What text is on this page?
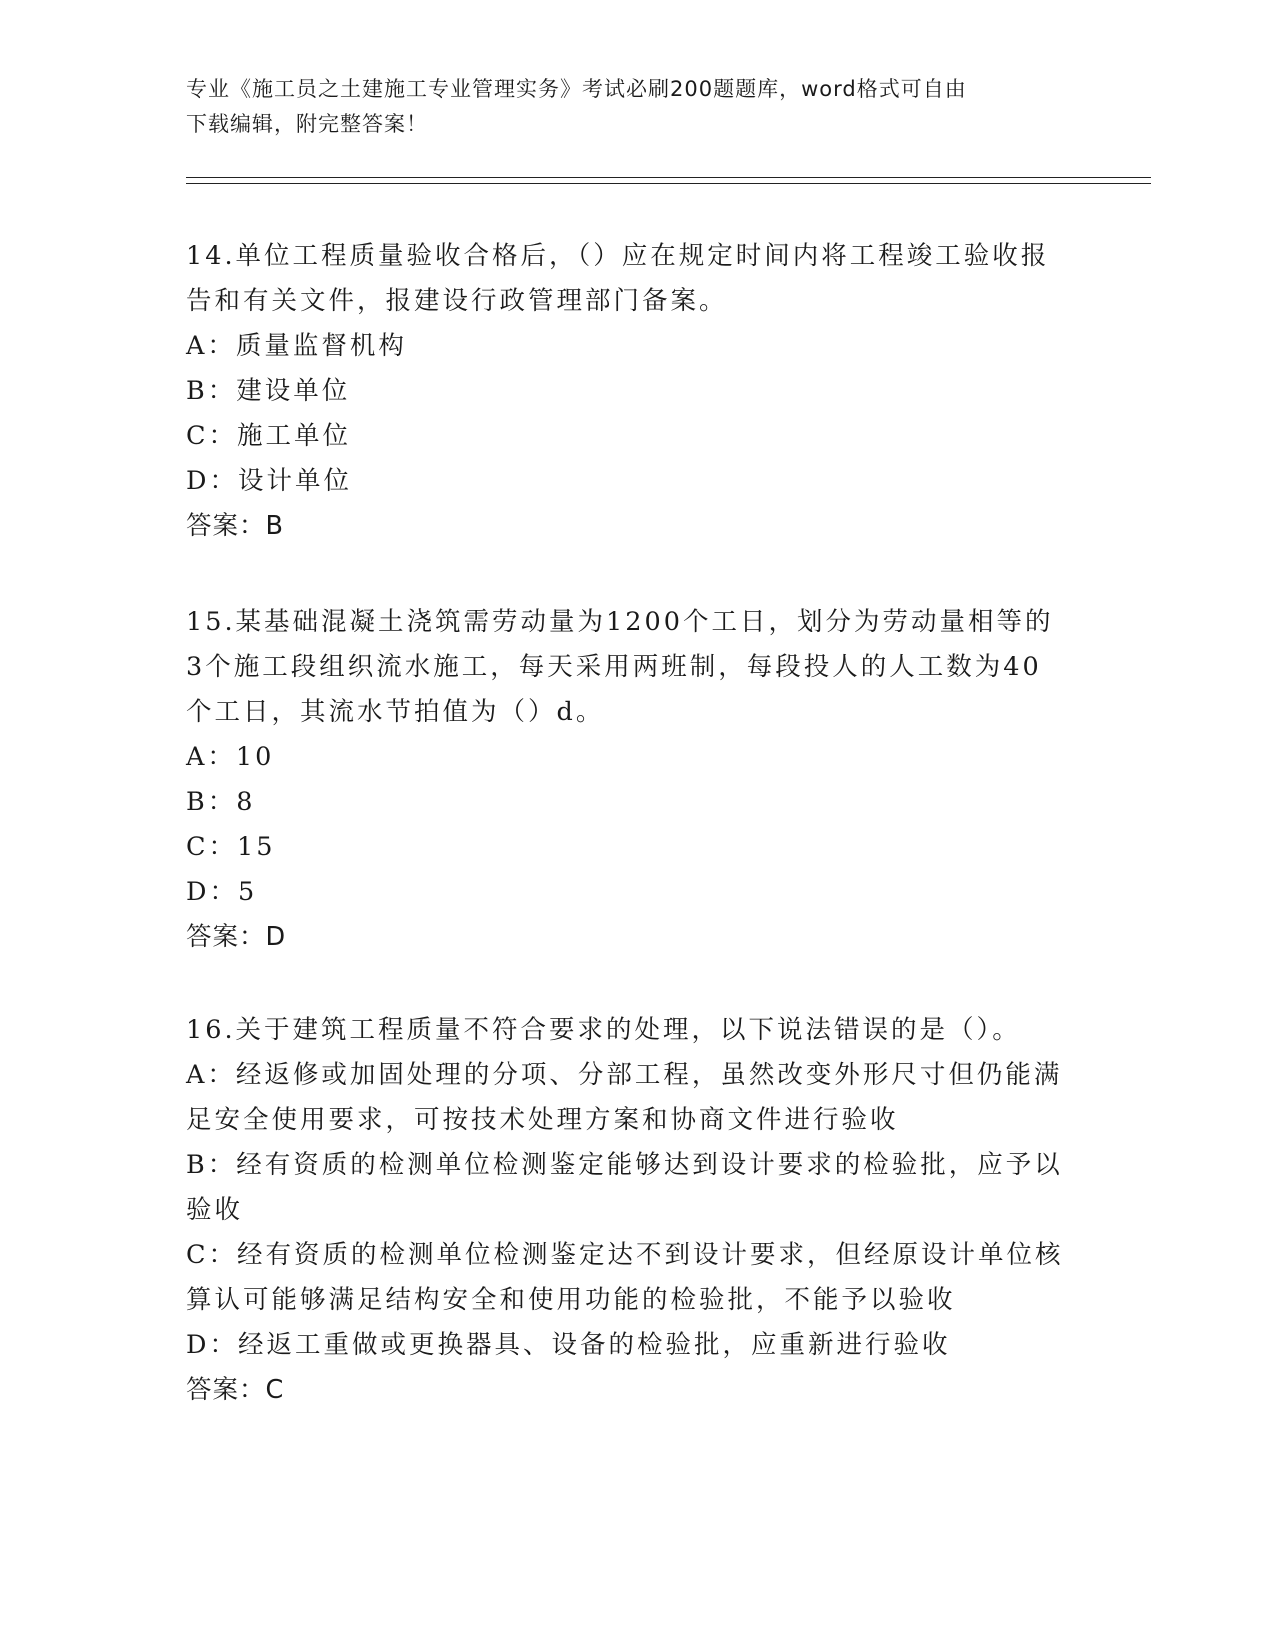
专业《施工员之土建施工专业管理实务》考试必刷200题题库，word格式可自由
下载编辑，附完整答案！
14.单位工程质量验收合格后，（）应在规定时间内将工程竣工验收报
告和有关文件，报建设行政管理部门备案。
A：质量监督机构
B：建设单位
C：施工单位
D：设计单位
答案：B
15.某基础混凝土浇筑需劳动量为1200个工日，划分为劳动量相等的
3个施工段组织流水施工，每天采用两班制，每段投人的人工数为40
个工日，其流水节拍值为（）d。
A：10
B：8
C：15
D：5
答案：D
16.关于建筑工程质量不符合要求的处理，以下说法错误的是（）。
A：经返修或加固处理的分项、分部工程，虽然改变外形尺寸但仍能满
足安全使用要求，可按技术处理方案和协商文件进行验收
B：经有资质的检测单位检测鉴定能够达到设计要求的检验批，应予以
验收
C：经有资质的检测单位检测鉴定达不到设计要求，但经原设计单位核
算认可能够满足结构安全和使用功能的检验批，不能予以验收
D：经返工重做或更换器具、设备的检验批，应重新进行验收
答案：C
